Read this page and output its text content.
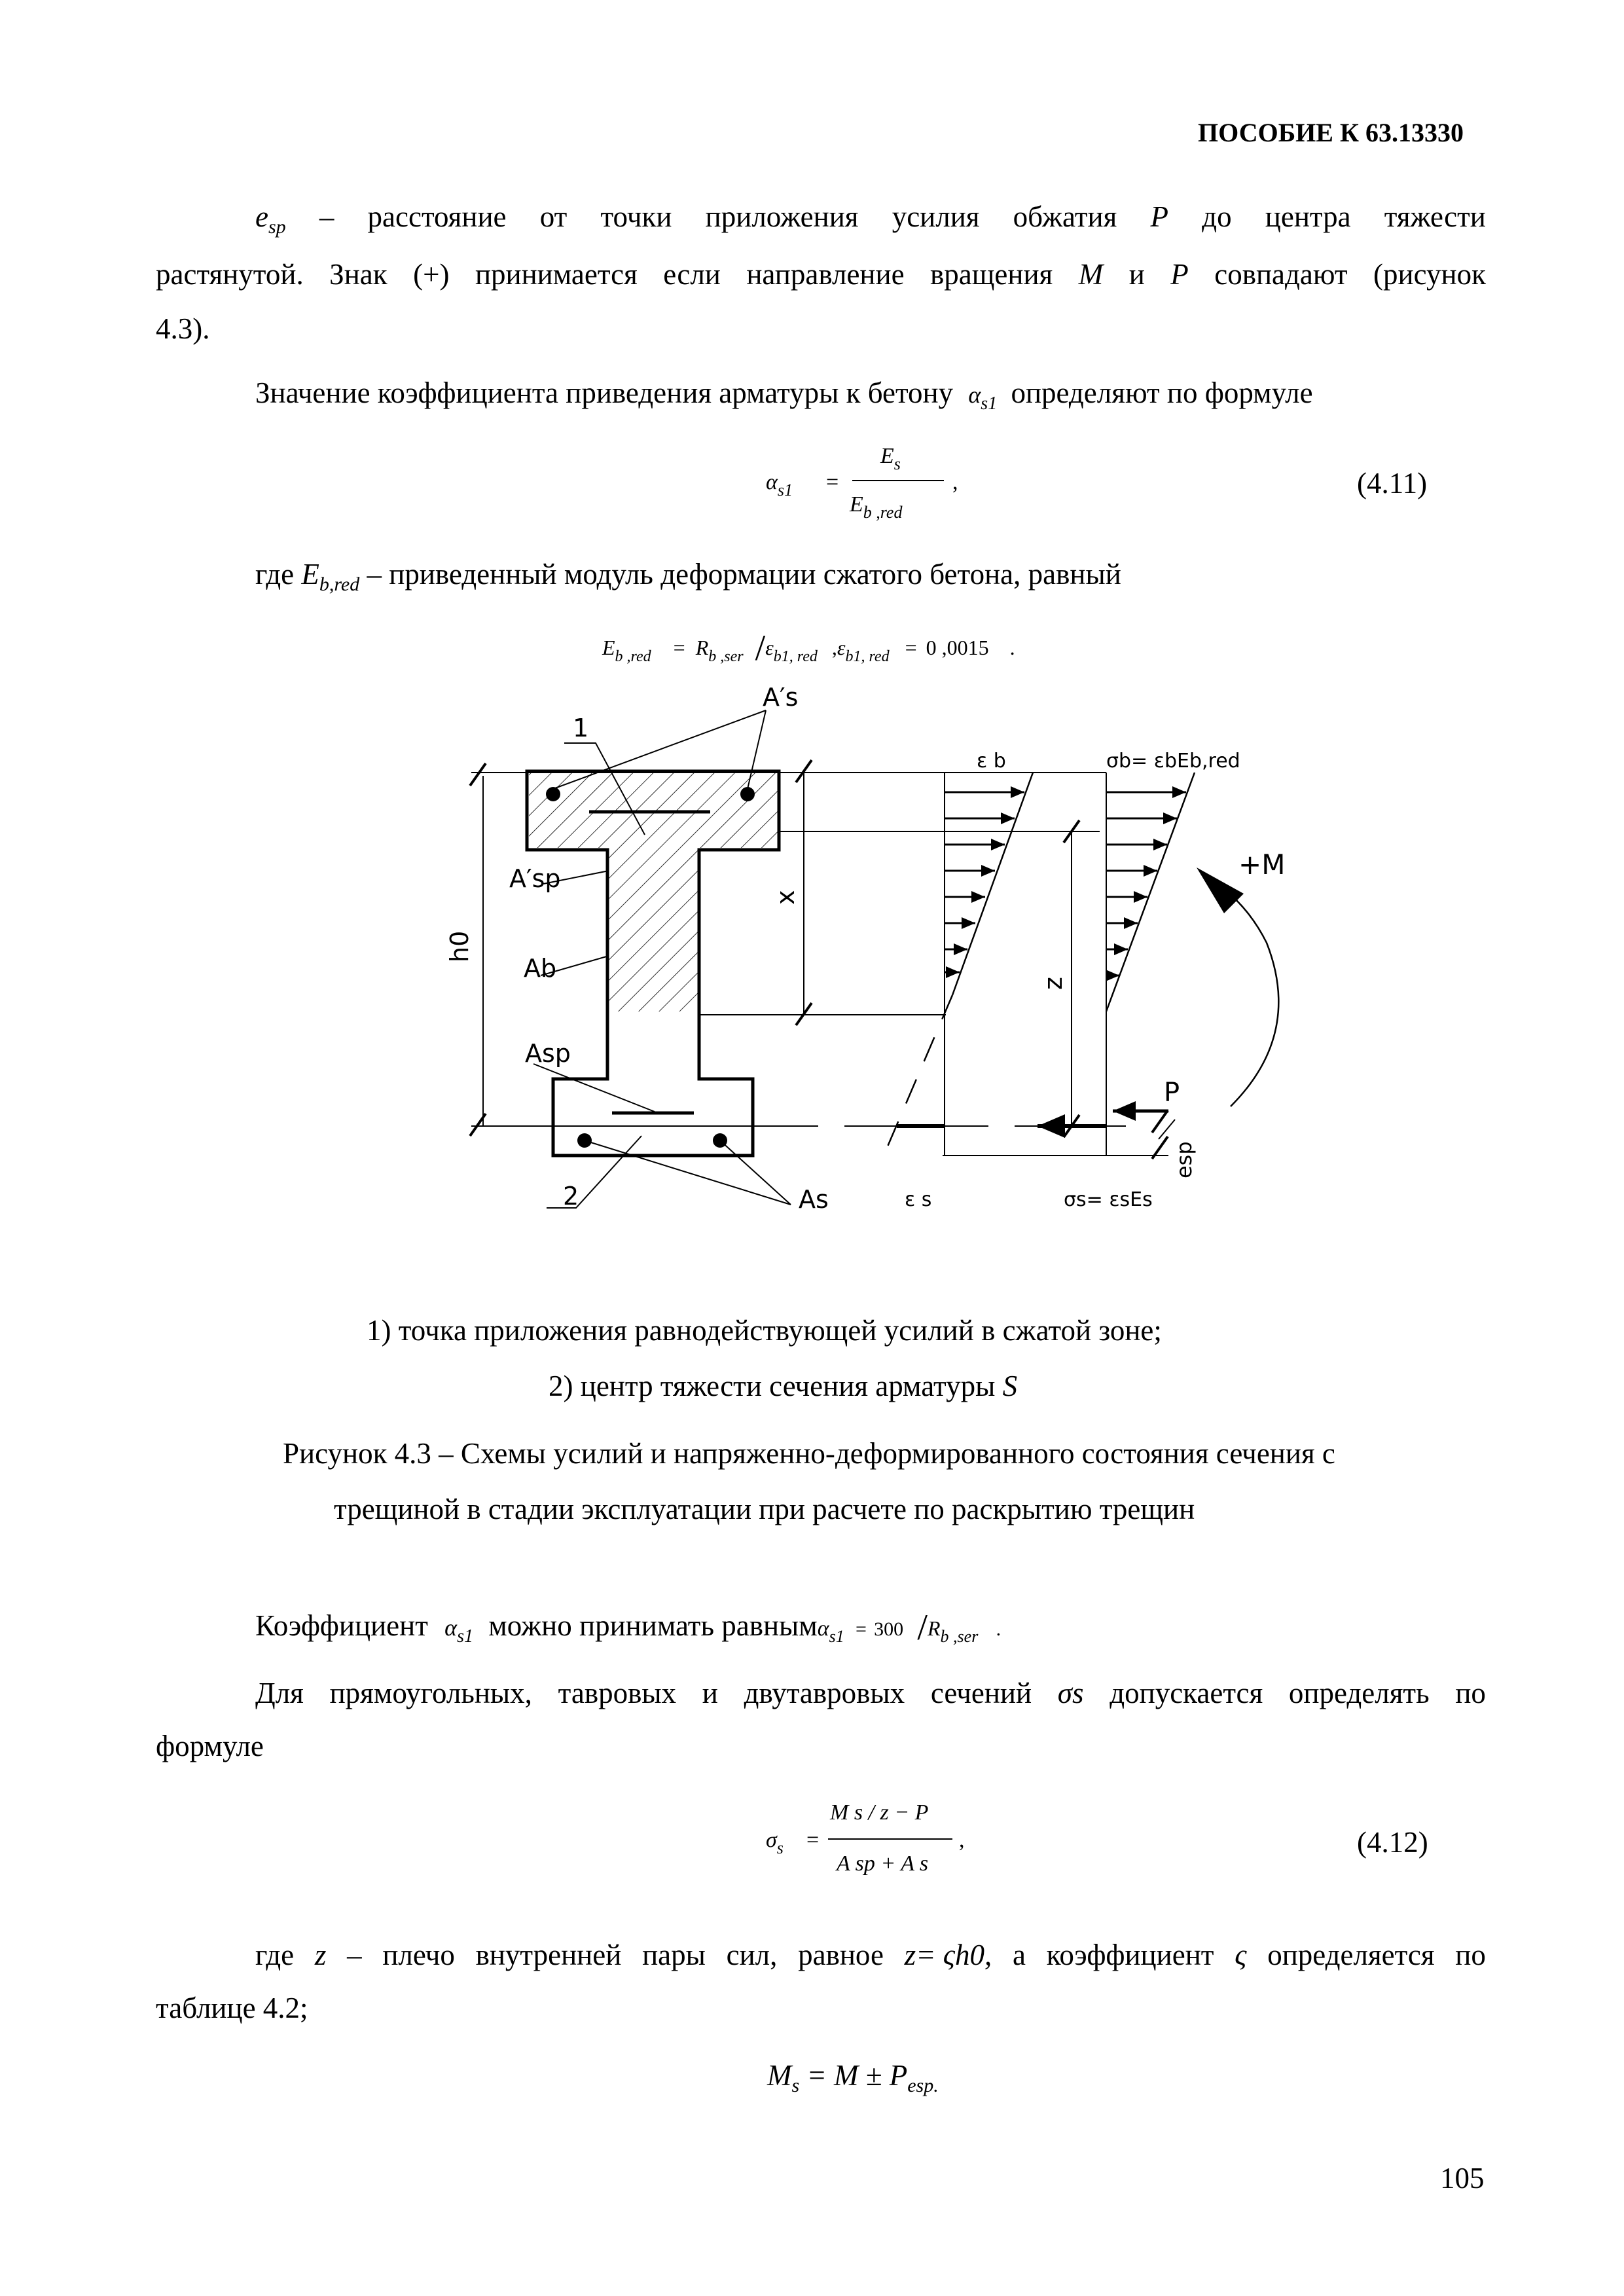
ПОСОБИЕ К 63.13330
$e_{sp}$ – расстояние от точки приложения усилия обжатия P до центра тяжести
растянутой. Знак (+) принимается если направление вращения M и P совпадают (рисунок
4.3).
Значение коэффициента приведения арматуры к бетону $\alpha_{s1}$ определяют по формуле
$\alpha_{s1}$ =
$E_s$
$E_{b ,red}$
,	(4.11)
где $E_{b,red}$ – приведенный модуль деформации сжатого бетона, равный
$E_{b ,red} = R_{b ,ser}$ $/\varepsilon_{b1, red}$ $,\varepsilon_{b1, red} = 0$ ,0015 .
A′s
1
A′sp
h0
Ab
Asp
2	As
x
z
ε b	σb= εbEb,red
+M
P
esp
ε s	σs= εsEs
1) точка приложения равнодействующей усилий в сжатой зоне;
2) центр тяжести сечения арматуры S
Рисунок 4.3 – Схемы усилий и напряженно-деформированного состояния сечения с
трещиной в стадии эксплуатации при расчете по раскрытию трещин
Коэффициент $\alpha_{s1}$ можно принимать равнымα$_{s1}$ = 300 $/R_{b ,ser}$ .
Для прямоугольных, тавровых и двутавровых сечений σs допускается определять по
формуле
$\sigma_s$ =
M s / z − P
A sp + A s
,	(4.12)
где z – плечо внутренней пары сил, равное z= ςh0, а коэффициент ς определяется по
таблице 4.2;
$M_s = M \pm P_{esp.}$
105
